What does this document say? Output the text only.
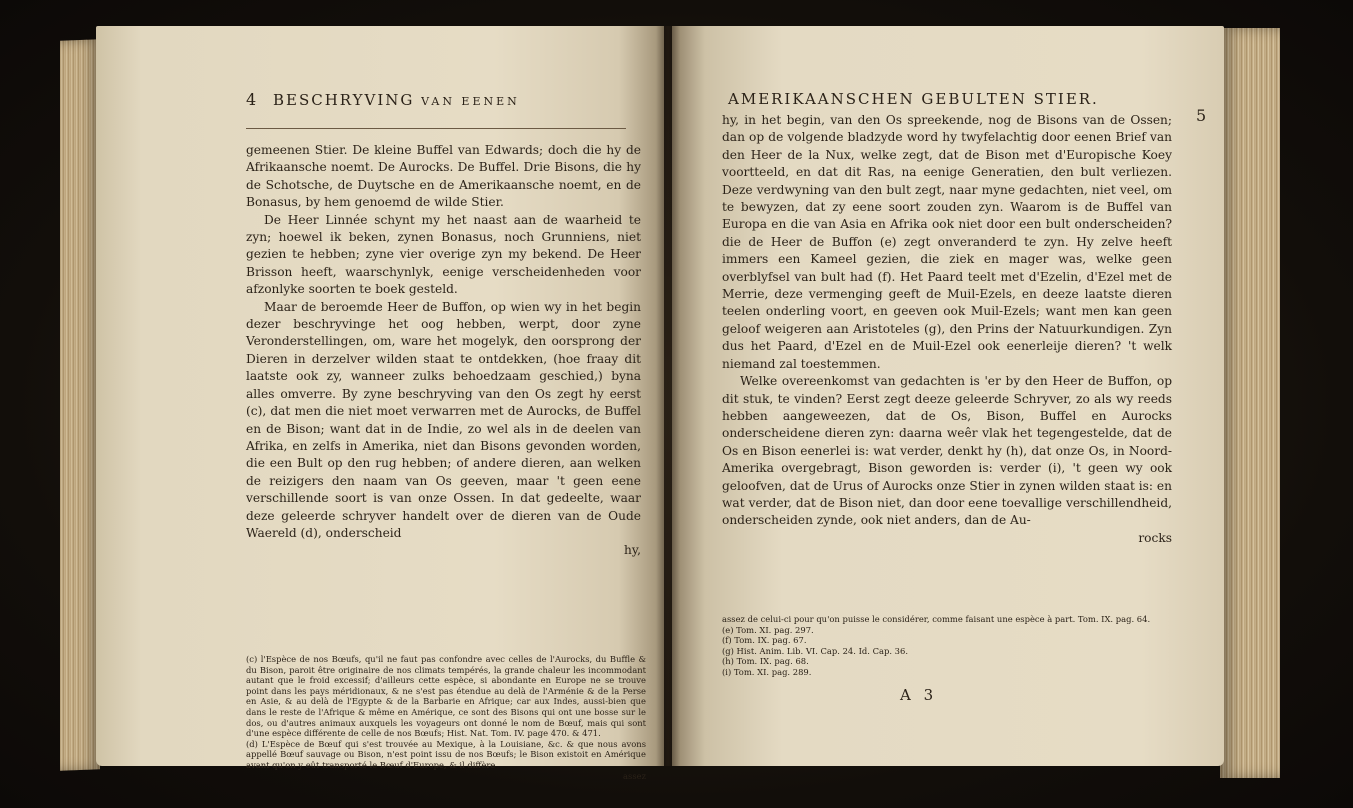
4 BESCHRYVING VAN EENEN

gemeenen Stier. De kleine Buffel van Edwards; doch die hy de Afrikaansche noemt. De Aurocks. De Buffel. Drie Bisons, die hy de Schotsche, de Duytsche en de Amerikaansche noemt, en de Bonasus, by hem genoemd de wilde Stier.

De Heer Linnée schynt my het naast aan de waarheid te zyn; hoewel ik beken, zynen Bonasus, noch Grunniens, niet gezien te hebben; zyne vier overige zyn my bekend. De Heer Brisson heeft, waarschynlyk, eenige verscheidenheden voor afzonlyke soorten te boek gesteld.

Maar de beroemde Heer de Buffon, op wien wy in het begin dezer beschryvinge het oog hebben, werpt, door zyne Veronderstellingen, om, ware het mogelyk, den oorsprong der Dieren in derzelver wilden staat te ontdekken, (hoe fraay dit laatste ook zy, wanneer zulks behoedzaam geschied,) byna alles omverre. By zyne beschryving van den Os zegt hy eerst (c), dat men die niet moet verwarren met de Aurocks, de Buffel en de Bison; want dat in de Indie, zo wel als in de deelen van Afrika, en zelfs in Amerika, niet dan Bisons gevonden worden, die een Bult op den rug hebben; of andere dieren, aan welken de reizigers den naam van Os geeven, maar 't geen eene verschillende soort is van onze Ossen. In dat gedeelte, waar deze geleerde schryver handelt over de dieren van de Oude Waereld (d), onderscheid

hy,

(c) l'Espèce de nos Bœufs, qu'il ne faut pas confondre avec celles de l'Aurocks, du Buffle & du Bison, paroit être originaire de nos climats tempérés, la grande chaleur les incommodant autant que le froid excessif; d'ailleurs cette espèce, si abondante en Europe ne se trouve point dans les pays méridionaux, & ne s'est pas étendue au delà de l'Arménie & de la Perse en Asie, & au delà de l'Egypte & de la Barbarie en Afrique; car aux Indes, aussi-bien que dans le reste de l'Afrique & même en Amérique, ce sont des Bisons qui ont une bosse sur le dos, ou d'autres animaux auxquels les voyageurs ont donné le nom de Bœuf, mais qui sont d'une espèce différente de celle de nos Bœufs; Hist. Nat. Tom. IV. page 470. & 471.

(d) L'Espèce de Bœuf qui s'est trouvée au Mexique, à la Louisiane, &c. & que nous avons appellé Bœuf sauvage ou Bison, n'est point issu de nos Bœufs; le Bison existoit en Amérique avant qu'on y eût transporté le Bœuf d'Europe, & il diffère

assez

AMERIKAANSCHEN GEBULTEN STIER.
5

hy, in het begin, van den Os spreekende, nog de Bisons van de Ossen; dan op de volgende bladzyde word hy twyfelachtig door eenen Brief van den Heer de la Nux, welke zegt, dat de Bison met d'Europische Koey voortteeld, en dat dit Ras, na eenige Generatien, den bult verliezen. Deze verdwyning van den bult zegt, naar myne gedachten, niet veel, om te bewyzen, dat zy eene soort zouden zyn. Waarom is de Buffel van Europa en die van Asia en Afrika ook niet door een bult onderscheiden? die de Heer de Buffon (e) zegt onveranderd te zyn. Hy zelve heeft immers een Kameel gezien, die ziek en mager was, welke geen overblyfsel van bult had (f). Het Paard teelt met d'Ezelin, d'Ezel met de Merrie, deze vermenging geeft de Muil-Ezels, en deeze laatste dieren teelen onderling voort, en geeven ook Muil-Ezels; want men kan geen geloof weigeren aan Aristoteles (g), den Prins der Natuurkundigen. Zyn dus het Paard, d'Ezel en de Muil-Ezel ook eenerleije dieren? 't welk niemand zal toestemmen.

Welke overeenkomst van gedachten is 'er by den Heer de Buffon, op dit stuk, te vinden? Eerst zegt deeze geleerde Schryver, zo als wy reeds hebben aangeweezen, dat de Os, Bison, Buffel en Aurocks onderscheidene dieren zyn: daarna weêr vlak het tegengestelde, dat de Os en Bison eenerlei is: wat verder, denkt hy (h), dat onze Os, in Noord-Amerika overgebragt, Bison geworden is: verder (i), 't geen wy ook geloofven, dat de Urus of Aurocks onze Stier in zynen wilden staat is: en wat verder, dat de Bison niet, dan door eene toevallige verschillendheid, onderscheiden zynde, ook niet anders, dan de Au-

rocks

assez de celui-ci pour qu'on puisse le considérer, comme faisant une espèce à part. Tom. IX. pag. 64.

(e) Tom. XI. pag. 297.

(f) Tom. IX. pag. 67.

(g) Hist. Anim. Lib. VI. Cap. 24. Id. Cap. 36.

(h) Tom. IX. pag. 68.

(i) Tom. XI. pag. 289.

A 3
